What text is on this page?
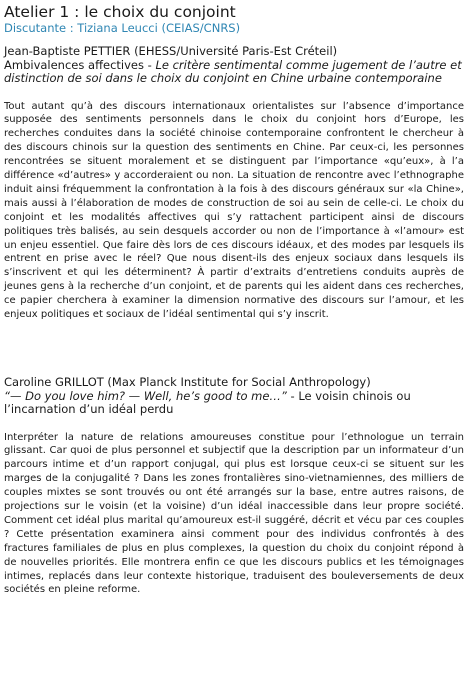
Atelier 1 : le choix du conjoint

Discutante : Tiziana Leucci (CEIAS/CNRS)

Jean-Baptiste PETTIER (EHESS/Université Paris-Est Créteil)

Ambivalences affectives - Le critère sentimental comme jugement de l’autre et distinction de soi dans le choix du conjoint en Chine urbaine contemporaine

Tout autant qu’à des discours internationaux orientalistes sur l’absence d’importance supposée des sentiments personnels dans le choix du conjoint hors d’Europe, les recherches conduites dans la société chinoise contemporaine confrontent le chercheur à des discours chinois sur la question des sentiments en Chine. Par ceux-ci, les personnes rencontrées se situent moralement et se distinguent par l’importance «qu’eux», à l’a différence «d’autres» y accorderaient ou non. La situation de rencontre avec l’ethnographe induit ainsi fréquemment la confrontation à la fois à des discours généraux sur «la Chine», mais aussi à l’élaboration de modes de construction de soi au sein de celle-ci. Le choix du conjoint et les modalités affectives qui s’y rattachent participent ainsi de discours politiques très balisés, au sein desquels accorder ou non de l’importance à «l’amour» est un enjeu essentiel. Que faire dès lors de ces discours idéaux, et des modes par lesquels ils entrent en prise avec le réel? Que nous disent-ils des enjeux sociaux dans lesquels ils s’inscrivent et qui les déterminent? À partir d’extraits d’entretiens conduits auprès de jeunes gens à la recherche d’un conjoint, et de parents qui les aident dans ces recherches, ce papier cherchera à examiner la dimension normative des discours sur l’amour, et les enjeux politiques et sociaux de l’idéal sentimental qui s’y inscrit.

Caroline GRILLOT (Max Planck Institute for Social Anthropology)

“— Do you love him? — Well, he’s good to me…” - Le voisin chinois ou l’incarnation d’un idéal perdu

Interpréter la nature de relations amoureuses constitue pour l’ethnologue un terrain glissant. Car quoi de plus personnel et subjectif que la description par un informateur d’un parcours intime et d’un rapport conjugal, qui plus est lorsque ceux-ci se situent sur les marges de la conjugalité ? Dans les zones frontalières sino-vietnamiennes, des milliers de couples mixtes se sont trouvés ou ont été arrangés sur la base, entre autres raisons, de projections sur le voisin (et la voisine) d’un idéal inaccessible dans leur propre société. Comment cet idéal plus marital qu’amoureux est-il suggéré, décrit et vécu par ces couples ? Cette présentation examinera ainsi comment pour des individus confrontés à des fractures familiales de plus en plus complexes, la question du choix du conjoint répond à de nouvelles priorités. Elle montrera enfin ce que les discours publics et les témoignages intimes, replacés dans leur contexte historique, traduisent des bouleversements de deux sociétés en pleine reforme.
